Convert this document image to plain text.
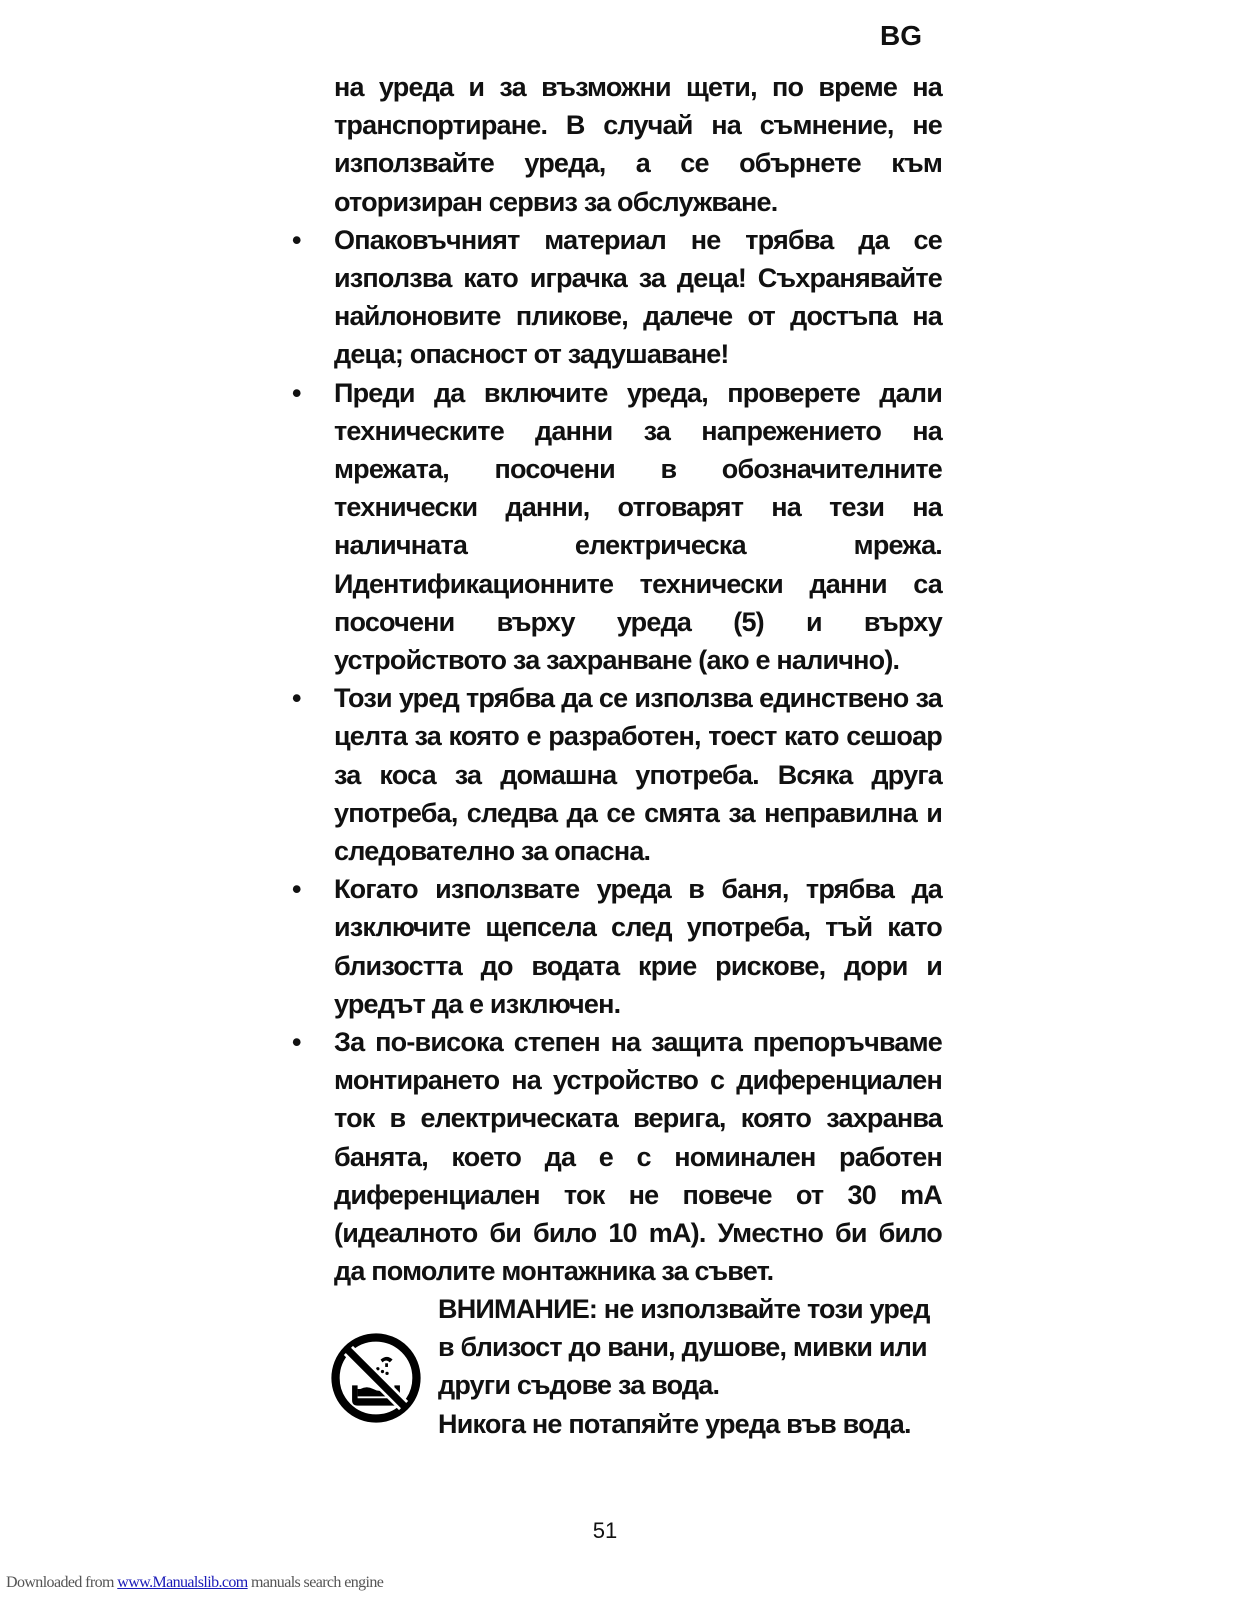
BG

на уреда и за възможни щети, по време на транспортиране. В случай на съмнение, не използвайте уреда, а се обърнете към оторизиран сервиз за обслужване.

•	Опаковъчният материал не трябва да се използва като играчка за деца! Съхранявайте найлоновите пликове, далече от достъпа на деца; опасност от задушаване!
•	Преди да включите уреда, проверете дали техническите данни за напрежението на мрежата, посочени в обозначителните технически данни, отговарят на тези на наличната електрическа мрежа. Идентификационните технически данни са посочени върху уреда (5) и върху устройството за захранване (ако е налично).
•	Този уред трябва да се използва единствено за целта за която е разработен, тоест като сешоар за коса за домашна употреба. Всяка друга употреба, следва да се смята за неправилна и следователно за опасна.
•	Когато използвате уреда в баня, трябва да изключите щепсела след употреба, тъй като близостта до водата крие рискове, дори и уредът да е изключен.
•	За по-висока степен на защита препоръчваме монтирането на устройство с диференциален ток в електрическата верига, която захранва банята, което да е с номинален работен диференциален ток не повече от 30 mA (идеалното би било 10 mA). Уместно би било да помолите монтажника за съвет.

ВНИМАНИЕ: не използвайте този уред в близост до вани, душове, мивки или други съдове за вода.

Никога не потапяйте уреда във вода.

51
Downloaded from www.Manualslib.com manuals search engine
